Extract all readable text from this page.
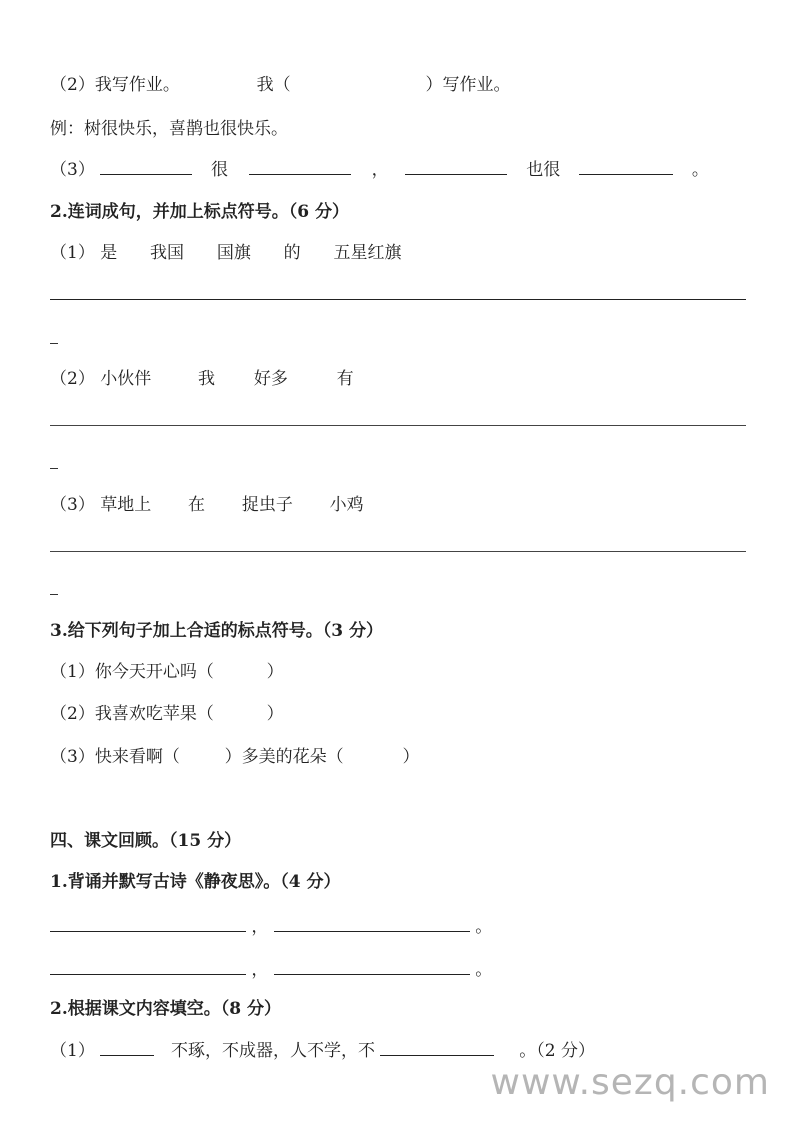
（2）我写作业。	我（	）写作业。
例：树很快乐，喜鹊也很快乐。
（3）	很	，	也很	。
2.连词成句，并加上标点符号。（6 分）
（1） 是 我国 国旗 的 五星红旗
（2） 小伙伴	我 好多	有
（3） 草地上 在 捉虫子 小鸡
3.给下列句子加上合适的标点符号。（3 分）
（1）你今天开心吗（	）
（2）我喜欢吃苹果（	）
（3）快来看啊（	）多美的花朵（	）
四、课文回顾。（15 分）
1.背诵并默写古诗《静夜思》。（4 分）
，	。
，	。
2.根据课文内容填空。（8 分）
（1）	不琢，不成器，人不学，不	。（2 分）
www.sezq.com
